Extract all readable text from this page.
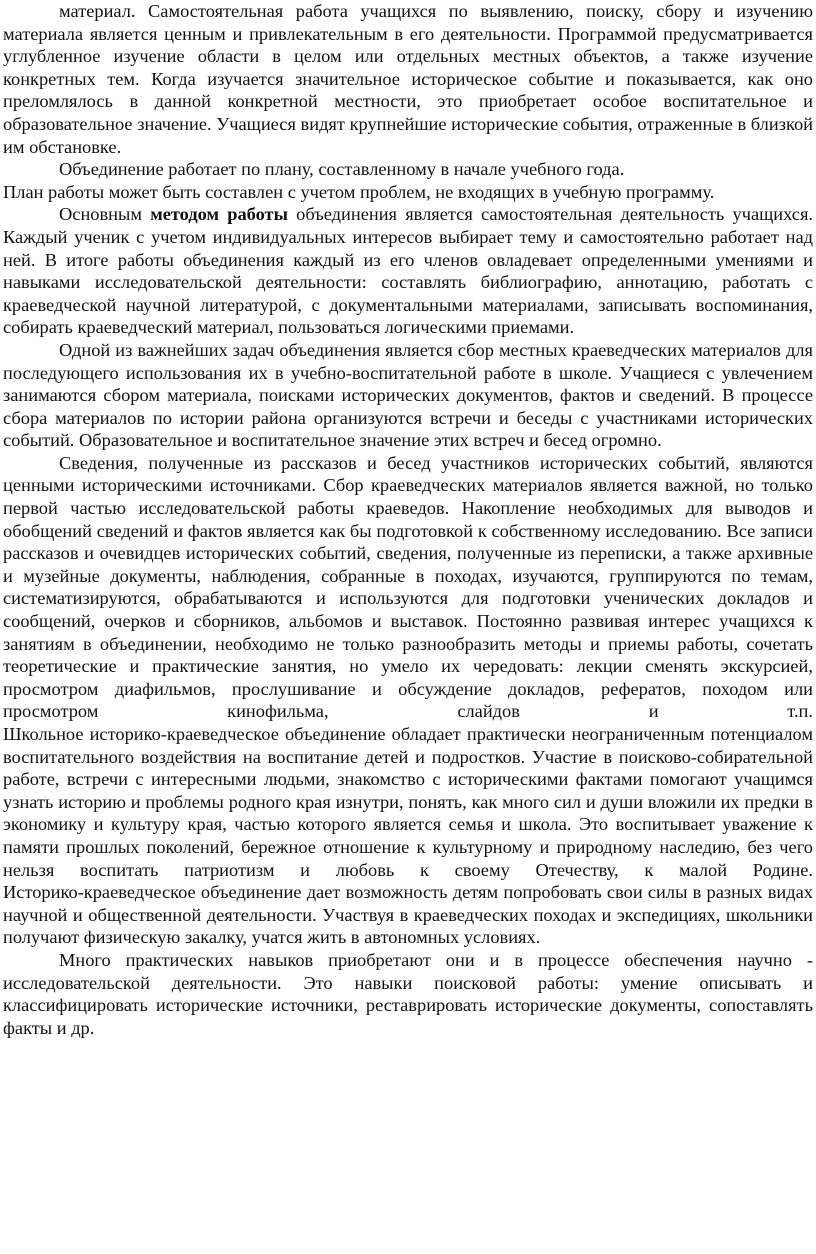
материал. Самостоятельная работа учащихся по выявлению, поиску, сбору и изучению материала является ценным и привлекательным в его деятельности. Программой предусматривается углубленное изучение области в целом или отдельных местных объектов, а также изучение конкретных тем. Когда изучается значительное историческое событие и показывается, как оно преломлялось в данной конкретной местности, это приобретает особое воспитательное и образовательное значение. Учащиеся видят крупнейшие исторические события, отраженные в близкой им обстановке.

Объединение работает по плану, составленному в начале учебного года.

План работы может быть составлен с учетом проблем, не входящих в учебную программу.

Основным методом работы объединения является самостоятельная деятельность учащихся. Каждый ученик с учетом индивидуальных интересов выбирает тему и самостоятельно работает над ней. В итоге работы объединения каждый из его членов овладевает определенными умениями и навыками исследовательской деятельности: составлять библиографию, аннотацию, работать с краеведческой научной литературой, с документальными материалами, записывать воспоминания, собирать краеведческий материал, пользоваться логическими приемами.

Одной из важнейших задач объединения является сбор местных краеведческих материалов для последующего использования их в учебно-воспитательной работе в школе. Учащиеся с увлечением занимаются сбором материала, поисками исторических документов, фактов и сведений. В процессе сбора материалов по истории района организуются встречи и беседы с участниками исторических событий. Образовательное и воспитательное значение этих встреч и бесед огромно.

Сведения, полученные из рассказов и бесед участников исторических событий, являются ценными историческими источниками. Сбор краеведческих материалов является важной, но только первой частью исследовательской работы краеведов. Накопление необходимых для выводов и обобщений сведений и фактов является как бы подготовкой к собственному исследованию. Все записи рассказов и очевидцев исторических событий, сведения, полученные из переписки, а также архивные и музейные документы, наблюдения, собранные в походах, изучаются, группируются по темам, систематизируются, обрабатываются и используются для подготовки ученических докладов и сообщений, очерков и сборников, альбомов и выставок. Постоянно развивая интерес учащихся к занятиям в объединении, необходимо не только разнообразить методы и приемы работы, сочетать теоретические и практические занятия, но умело их чередовать: лекции сменять экскурсией, просмотром диафильмов, прослушивание и обсуждение докладов, рефератов, походом или просмотром кинофильма, слайдов и т.п.

Школьное историко-краеведческое объединение обладает практически неограниченным потенциалом воспитательного воздействия на воспитание детей и подростков. Участие в поисково-собирательной работе, встречи с интересными людьми, знакомство с историческими фактами помогают учащимся узнать историю и проблемы родного края изнутри, понять, как много сил и души вложили их предки в экономику и культуру края, частью которого является семья и школа. Это воспитывает уважение к памяти прошлых поколений, бережное отношение к культурному и природному наследию, без чего нельзя воспитать патриотизм и любовь к своему Отечеству, к малой Родине.

Историко-краеведческое объединение дает возможность детям попробовать свои силы в разных видах научной и общественной деятельности. Участвуя в краеведческих походах и экспедициях, школьники получают физическую закалку, учатся жить в автономных условиях.

Много практических навыков приобретают они и в процессе обеспечения научно - исследовательской деятельности. Это навыки поисковой работы: умение описывать и классифицировать исторические источники, реставрировать исторические документы, сопоставлять факты и др.
